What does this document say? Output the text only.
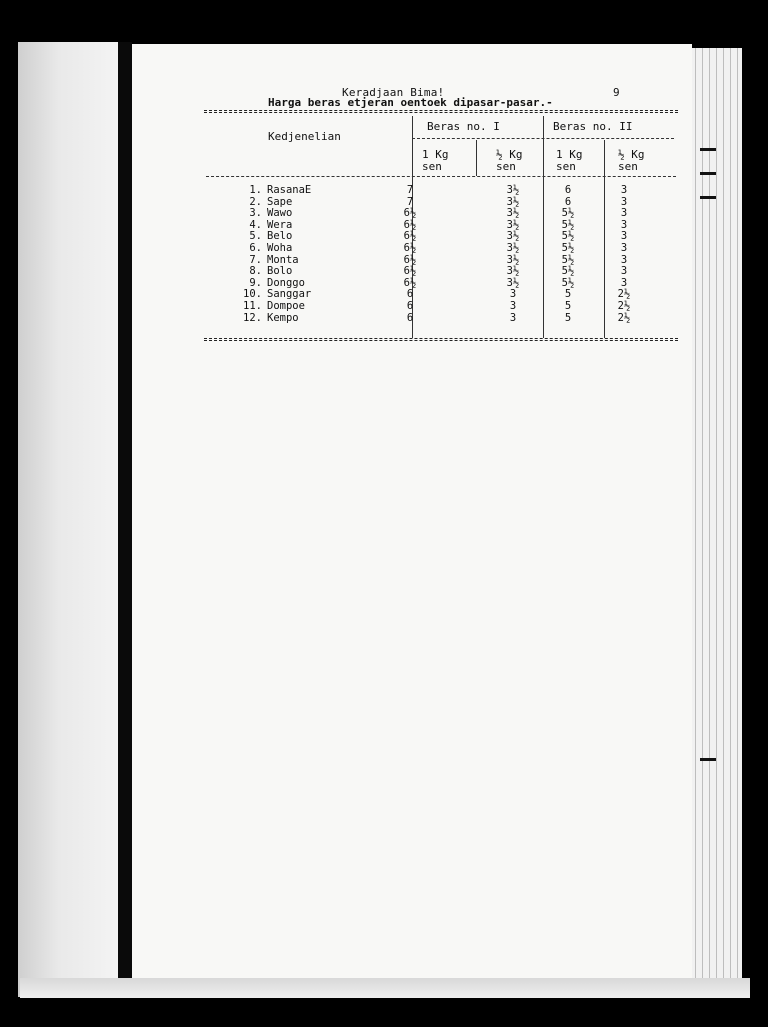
Keradjaan Bima!	9
Harga beras etjeran oentoek dipasar-pasar.-
Kedjenelian
Beras no. I	Beras no. II
1 Kg
sen
½ Kg
sen
1 Kg
sen
½ Kg
sen
1. RasanaE	7	3½	6	3
2. Sape	7	3½	6	3
3. Wawo	6½	3½	5½	3
4. Wera	6½	3½	5½	3
5. Belo	6½	3½	5½	3
6. Woha	6½	3½	5½	3
7. Monta	6½	3½	5½	3
8. Bolo	6½	3½	5½	3
9. Donggo	6½	3½	5½	3
10. Sanggar	6	3	5	2½
11. Dompoe	6	3	5	2½
12. Kempo	6	3	5	2½
